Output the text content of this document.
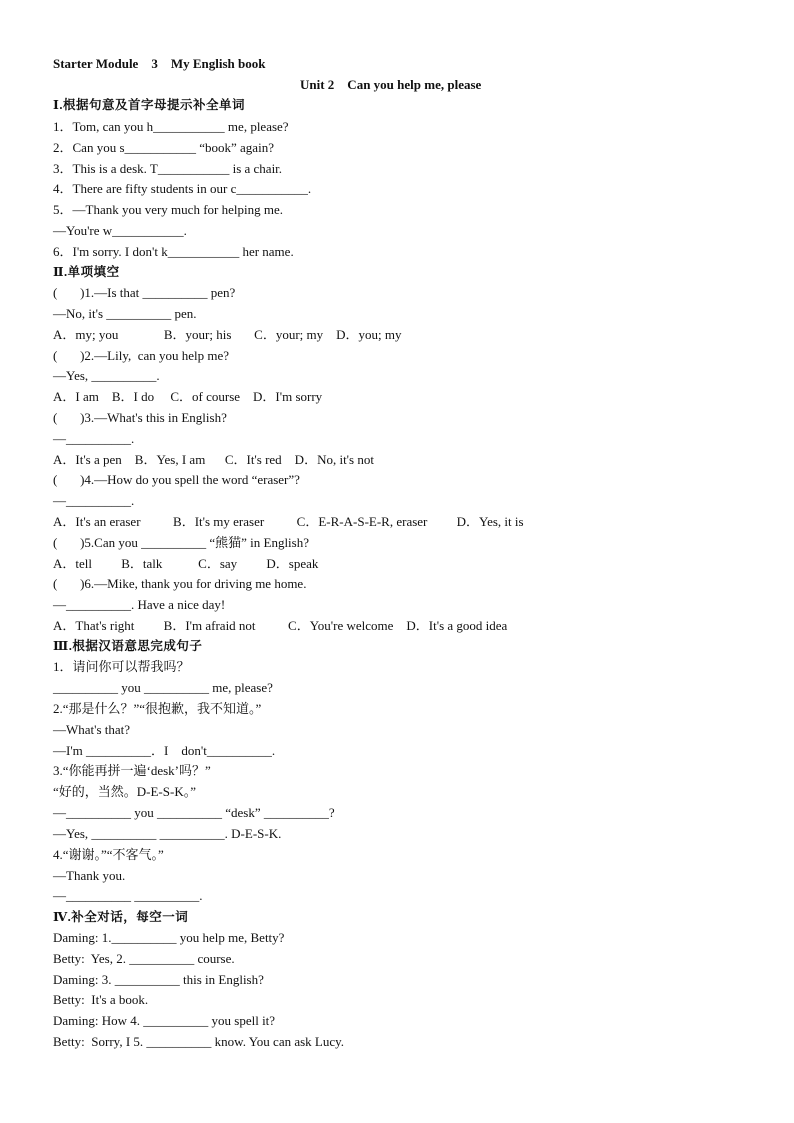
Starter Module    3    My English book
Unit 2    Can you help me, please
Ⅰ.根据句意及首字母提示补全单词
1．Tom, can you h___________ me, please?
2．Can you s___________ “book” again?
3．This is a desk. T___________ is a chair.
4．There are fifty students in our c___________.
5．—Thank you very much for helping me.
—You're w___________.
6．I'm sorry. I don't k___________ her name.
Ⅱ.单项填空
(       )1.—Is that __________ pen?
—No, it's __________ pen.
A．my; you              B．your; his       C．your; my    D．you; my
(       )2.—Lily,  can you help me?
—Yes, __________.
A．I am    B．I do     C．of course    D．I'm sorry
(       )3.—What's this in English?
—__________.
A．It's a pen    B．Yes, I am      C．It's red    D．No, it's not
(       )4.—How do you spell the word “eraser”?
—__________.
A．It's an eraser          B．It's my eraser          C．E-R-A-S-E-R, eraser         D．Yes, it is
(       )5.Can you __________ “熊猫” in English?
A．tell         B．talk           C．say         D．speak
(       )6.—Mike, thank you for driving me home.
—__________. Have a nice day!
A．That's right         B．I'm afraid not          C．You're welcome    D．It's a good idea
Ⅲ.根据汉语意思完成句子
1．请问你可以帮我吗？
__________ you __________ me, please?
2.“那是什么？”“很抱歉，我不知道。”
—What's that?
—I'm __________．I    don't__________.
3.“你能再拼一遍‘desk’吗？”
“好的，当然。D-E-S-K。”
—__________ you __________ “desk” __________?
—Yes, __________ __________. D-E-S-K.
4.“谢谢。”“不客气。”
—Thank you.
—__________ __________.
Ⅳ.补全对话，每空一词
Daming: 1.__________ you help me, Betty?
Betty:  Yes, 2. __________ course.
Daming: 3. __________ this in English?
Betty:  It's a book.
Daming: How 4. __________ you spell it?
Betty:  Sorry, I 5. __________ know. You can ask Lucy.
